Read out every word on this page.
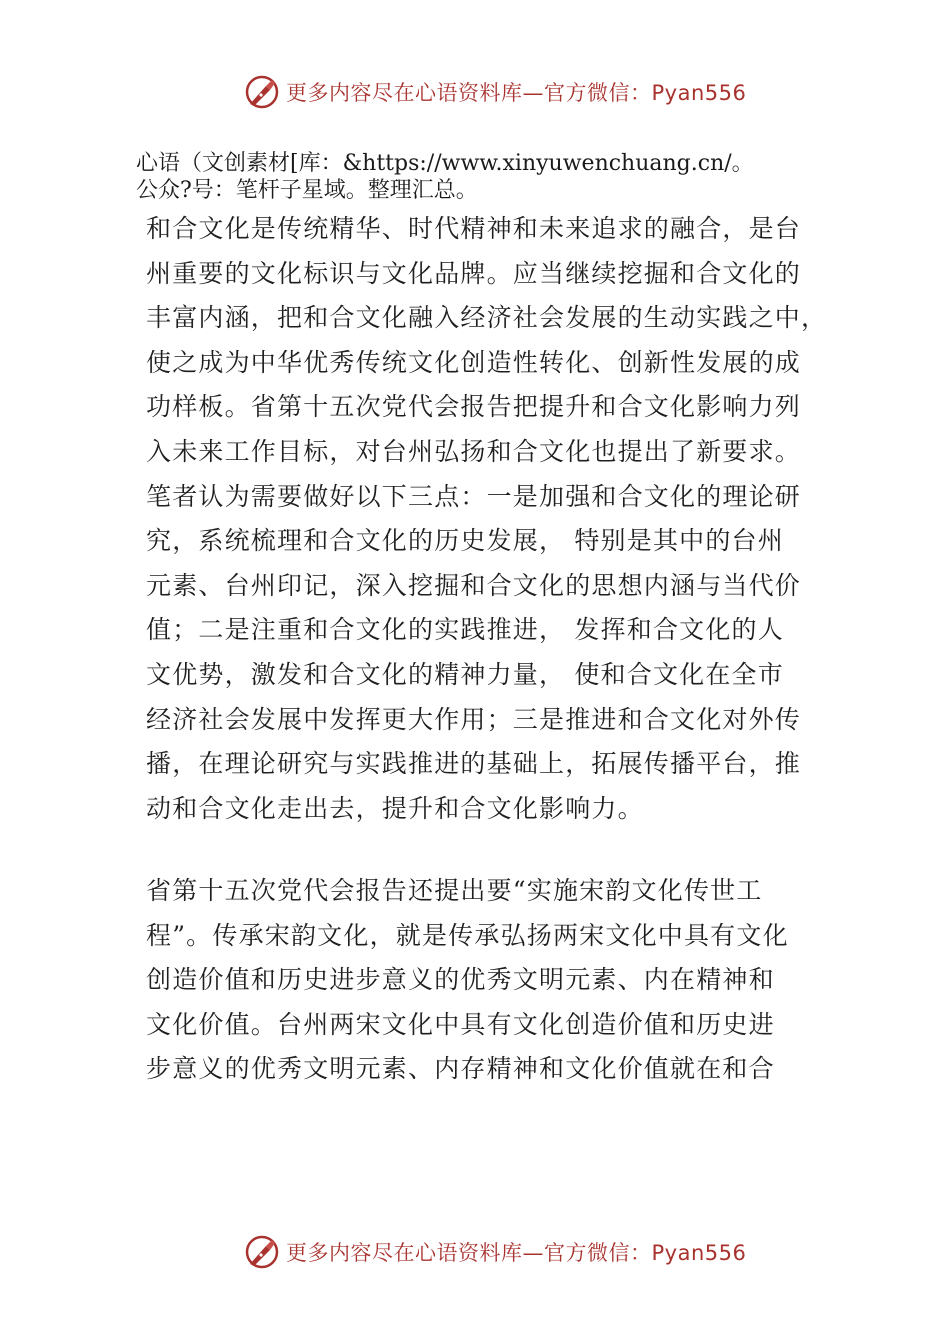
更多内容尽在心语资料库—官方微信：Pyan556
心语（文创素材[库：&https://www.xinyuwenchuang.cn/。
公众?号：笔杆子星域。整理汇总。
和合文化是传统精华、时代精神和未来追求的融合，是台
州重要的文化标识与文化品牌。应当继续挖掘和合文化的
丰富内涵，把和合文化融入经济社会发展的生动实践之中，
使之成为中华优秀传统文化创造性转化、创新性发展的成
功样板。省第十五次党代会报告把提升和合文化影响力列
入未来工作目标，对台州弘扬和合文化也提出了新要求。
笔者认为需要做好以下三点：一是加强和合文化的理论研
究，系统梳理和合文化的历史发展， 特别是其中的台州
元素、台州印记，深入挖掘和合文化的思想内涵与当代价
值；二是注重和合文化的实践推进， 发挥和合文化的人
文优势，激发和合文化的精神力量， 使和合文化在全市
经济社会发展中发挥更大作用；三是推进和合文化对外传
播，在理论研究与实践推进的基础上，拓展传播平台，推
动和合文化走出去，提升和合文化影响力。
省第十五次党代会报告还提出要“实施宋韵文化传世工
程”。传承宋韵文化，就是传承弘扬两宋文化中具有文化
创造价值和历史进步意义的优秀文明元素、内在精神和
文化价值。台州两宋文化中具有文化创造价值和历史进
步意义的优秀文明元素、内存精神和文化价值就在和合
更多内容尽在心语资料库—官方微信：Pyan556
